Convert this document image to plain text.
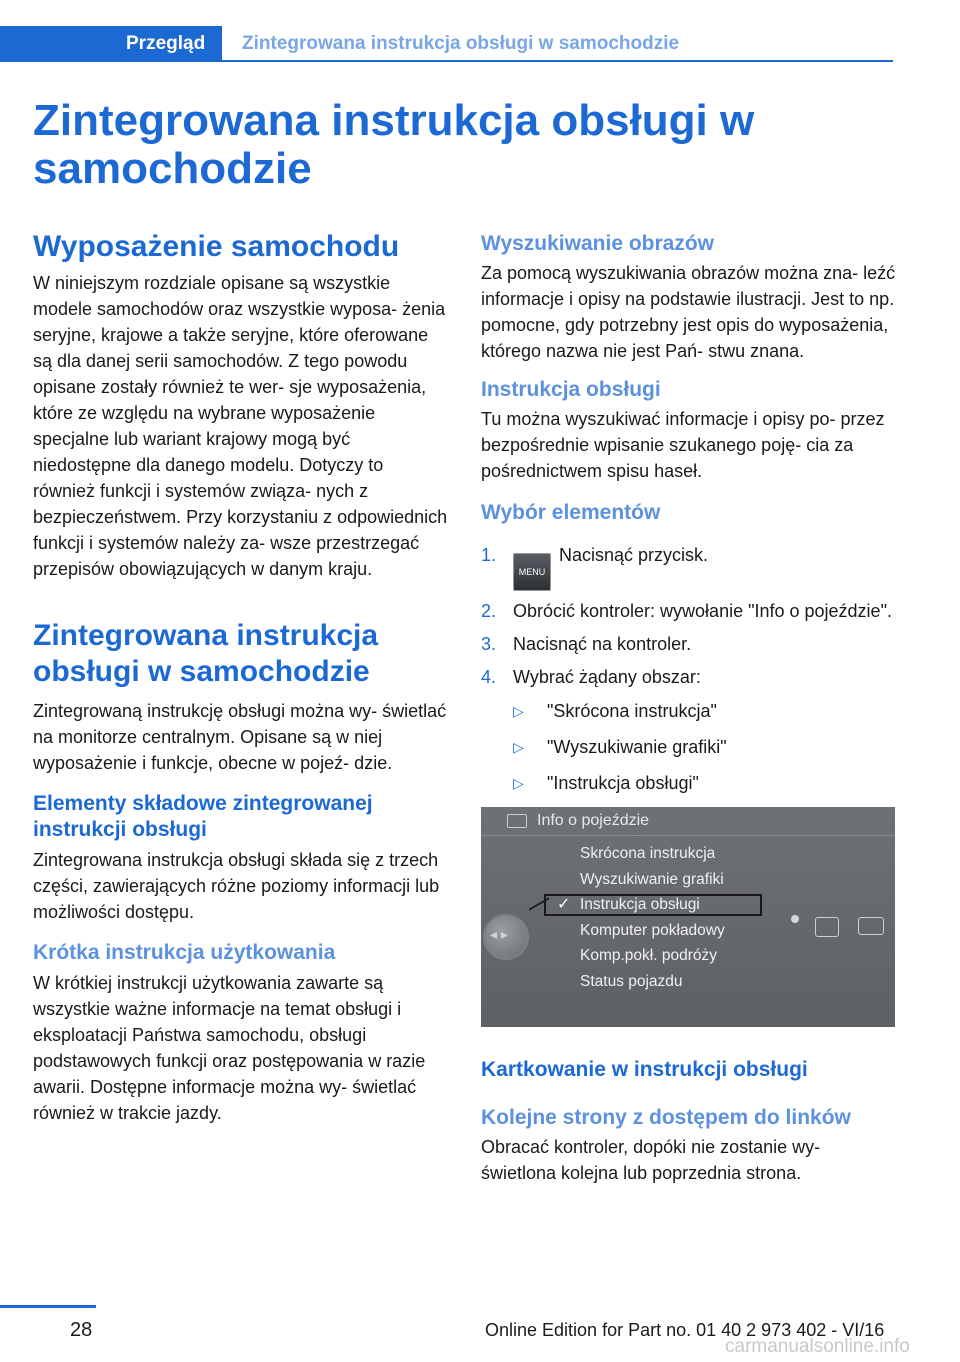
Przegląd	Zintegrowana instrukcja obsługi w samochodzie
Zintegrowana instrukcja obsługi w samochodzie
Wyposażenie samochodu

W niniejszym rozdziale opisane są wszystkie modele samochodów oraz wszystkie wyposa- żenia seryjne, krajowe a także seryjne, które oferowane są dla danej serii samochodów. Z tego powodu opisane zostały również te wer- sje wyposażenia, które ze względu na wybrane wyposażenie specjalne lub wariant krajowy mogą być niedostępne dla danego modelu. Dotyczy to również funkcji i systemów związa- nych z bezpieczeństwem. Przy korzystaniu z odpowiednich funkcji i systemów należy za- wsze przestrzegać przepisów obowiązujących w danym kraju.

Zintegrowana instrukcja obsługi w samochodzie

Zintegrowaną instrukcję obsługi można wy- świetlać na monitorze centralnym. Opisane są w niej wyposażenie i funkcje, obecne w pojeź- dzie.

Elementy składowe zintegrowanej instrukcji obsługi

Zintegrowana instrukcja obsługi składa się z trzech części, zawierających różne poziomy informacji lub możliwości dostępu.

Krótka instrukcja użytkowania

W krótkiej instrukcji użytkowania zawarte są wszystkie ważne informacje na temat obsługi i eksploatacji Państwa samochodu, obsługi podstawowych funkcji oraz postępowania w razie awarii. Dostępne informacje można wy- świetlać również w trakcie jazdy.

Wyszukiwanie obrazów

Za pomocą wyszukiwania obrazów można zna- leźć informacje i opisy na podstawie ilustracji. Jest to np. pomocne, gdy potrzebny jest opis do wyposażenia, którego nazwa nie jest Pań- stwu znana.

Instrukcja obsługi

Tu można wyszukiwać informacje i opisy po- przez bezpośrednie wpisanie szukanego poję- cia za pośrednictwem spisu haseł.

Wybór elementów
1.
MENUNacisnąć przycisk.
2. Obrócić kontroler: wywołanie "Info o pojeździe".
3. Nacisnąć na kontroler.
4. Wybrać żądany obszar:
▷ "Skrócona instrukcja"
▷ "Wyszukiwanie grafiki"
▷ "Instrukcja obsługi"
Info o pojeździe
Skrócona instrukcja
Wyszukiwanie grafiki
Instrukcja obsługi
Komputer pokładowy
Komp.pokł. podróży
Status pojazdu
✓
◂ ▸
Kartkowanie w instrukcji obsługi
Kolejne strony z dostępem do linków

Obracać kontroler, dopóki nie zostanie wy- świetlona kolejna lub poprzednia strona.

28	Online Edition for Part no. 01 40 2 973 402 - VI/16
carmanualsonline.info
